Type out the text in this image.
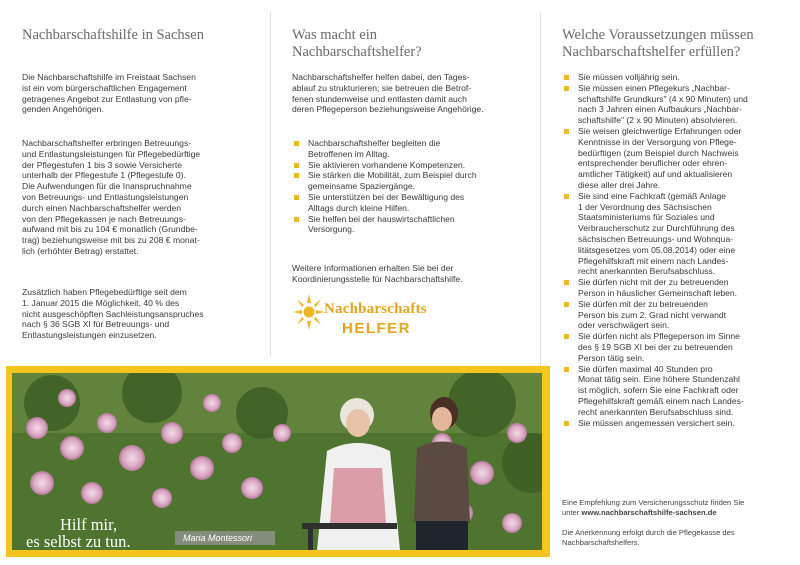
Nachbarschaftshilfe in Sachsen

Die Nachbarschaftshilfe im Freistaat Sachsen
ist ein vom bürgerschaftlichen Engagement
getragenes Angebot zur Entlastung von pfle-
genden Angehörigen.

Nachbarschaftshelfer erbringen Betreuungs-
und Entlastungsleistungen für Pflegebedürftige
der Pflegestufen 1 bis 3 sowie Versicherte
unterhalb der Pflegestufe 1 (Pflegestufe 0).
Die Aufwendungen für die Inanspruchnahme
von Betreuungs- und Entlastungsleistungen
durch einen Nachbarschaftshelfer werden
von den Pflegekassen je nach Betreuungs-
aufwand mit bis zu 104 € monatlich (Grundbe-
trag) beziehungsweise mit bis zu 208 € monat-
lich (erhöhter Betrag) erstattet.

Zusätzlich haben Pflegebedürftige seit dem
1. Januar 2015 die Möglichkeit, 40 % des
nicht ausgeschöpften Sachleistungsanspruches
nach § 36 SGB XI für Betreuungs- und
Entlastungsleistungen einzusetzen.

Was macht ein
Nachbarschaftshelfer?

Nachbarschaftshelfer helfen dabei, den Tages-
ablauf zu strukturieren; sie betreuen die Betrof-
fenen stundenweise und entlasten damit auch
deren Pflegeperson beziehungsweise Angehörige.

Nachbarschaftshelfer begleiten die
Betroffenen im Alltag.
Sie aktivieren vorhandene Kompetenzen.
Sie stärken die Mobilität, zum Beispiel durch
gemeinsame Spaziergänge.
Sie unterstützen bei der Bewältigung des
Alltags durch kleine Hilfen.
Sie helfen bei der hauswirtschaftlichen
Versorgung.

Weitere Informationen erhalten Sie bei der
Koordinierungsstelle für Nachbarschaftshilfe.

Nachbarschafts
HELFER
Welche Voraussetzungen müssen
Nachbarschaftshelfer erfüllen?
Sie müssen volljährig sein.
Sie müssen einen Pflegekurs „Nachbar-
schaftshilfe Grundkurs" (4 x 90 Minuten) und
nach 3 Jahren einen Aufbaukurs „Nachbar-
schaftshilfe" (2 x 90 Minuten) absolvieren.
Sie weisen gleichwertige Erfahrungen oder
Kenntnisse in der Versorgung von Pflege-
bedürftigen (zum Beispiel durch Nachweis
entsprechender beruflicher oder ehren-
amtlicher Tätigkeit) auf und aktualisieren
diese aller drei Jahre.
Sie sind eine Fachkraft (gemäß Anlage
1 der Verordnung des Sächsischen
Staatsministeriums für Soziales und
Verbraucherschutz zur Durchführung des
sächsischen Betreuungs- und Wohnqua-
litätsgesetzes vom 05.08.2014) oder eine
Pflegehilfskraft mit einem nach Landes-
recht anerkannten Berufsabschluss.
Sie dürfen nicht mit der zu betreuenden
Person in häuslicher Gemeinschaft leben.
Sie dürfen mit der zu betreuenden
Person bis zum 2. Grad nicht verwandt
oder verschwägert sein.
Sie dürfen nicht als Pflegeperson im Sinne
des § 19 SGB XI bei der zu betreuenden
Person tätig sein.
Sie dürfen maximal 40 Stunden pro
Monat tätig sein. Eine höhere Stundenzahl
ist möglich, sofern Sie eine Fachkraft oder
Pflegehilfskraft gemäß einem nach Landes-
recht anerkannten Berufsabschluss sind.
Sie müssen angemessen versichert sein.
Eine Empfehlung zum Versicherungsschutz finden Sie
unter www.nachbarschaftshilfe-sachsen.de
Die Anerkennung erfolgt durch die Pflegekasse des
Nachbarschaftshelfers.
Hilf mir,
es selbst zu tun.	Maria Montessori
